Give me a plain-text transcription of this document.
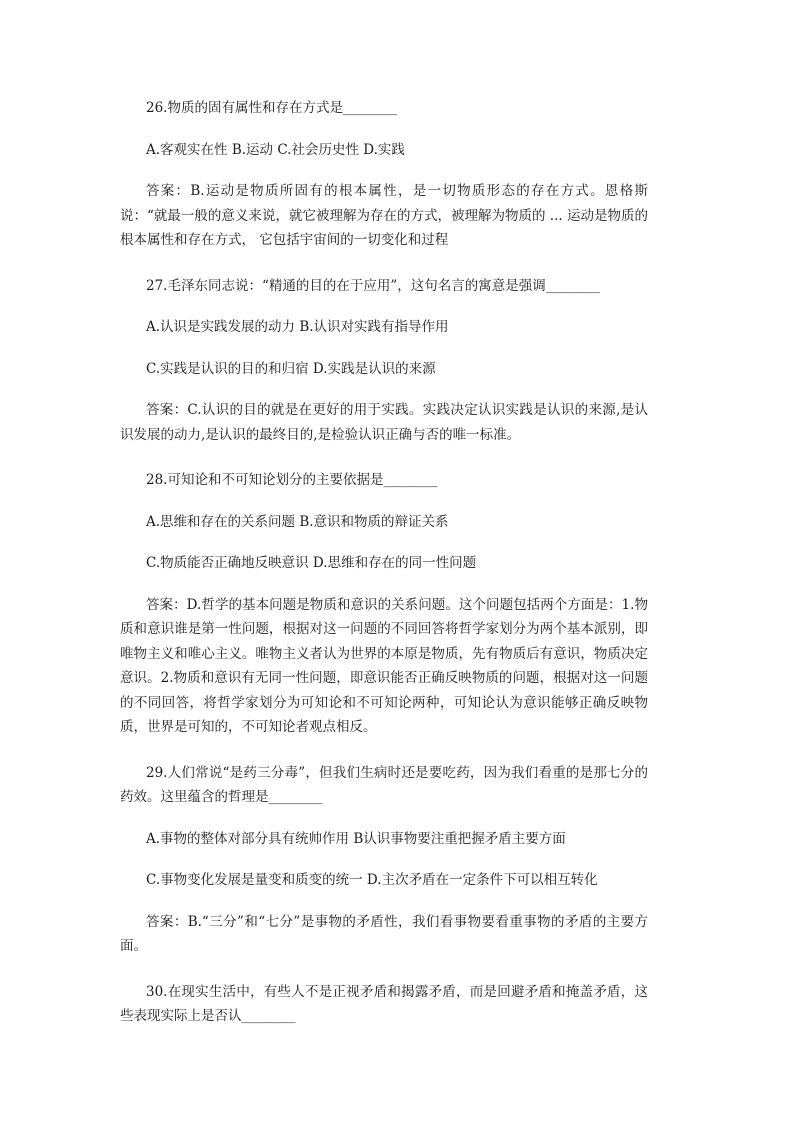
26.物质的固有属性和存在方式是________

A.客观实在性 B.运动 C.社会历史性 D.实践

答案：B.运动是物质所固有的根本属性，是一切物质形态的存在方式。恩格斯说：“就最一般的意义来说，就它被理解为存在的方式，被理解为物质的 ... 运动是物质的根本属性和存在方式， 它包括宇宙间的一切变化和过程

27.毛泽东同志说：“精通的目的在于应用”，这句名言的寓意是强调________

A.认识是实践发展的动力 B.认识对实践有指导作用

C.实践是认识的目的和归宿 D.实践是认识的来源

答案：C.认识的目的就是在更好的用于实践。实践决定认识实践是认识的来源,是认识发展的动力,是认识的最终目的,是检验认识正确与否的唯一标准。

28.可知论和不可知论划分的主要依据是________

A.思维和存在的关系问题 B.意识和物质的辩证关系

C.物质能否正确地反映意识 D.思维和存在的同一性问题

答案：D.哲学的基本问题是物质和意识的关系问题。这个问题包括两个方面是：1.物质和意识谁是第一性问题，根据对这一问题的不同回答将哲学家划分为两个基本派别，即唯物主义和唯心主义。唯物主义者认为世界的本原是物质，先有物质后有意识，物质决定意识。2.物质和意识有无同一性问题，即意识能否正确反映物质的问题，根据对这一问题的不同回答，将哲学家划分为可知论和不可知论两种，可知论认为意识能够正确反映物质，世界是可知的，不可知论者观点相反。

29.人们常说“是药三分毒”，但我们生病时还是要吃药，因为我们看重的是那七分的药效。这里蕴含的哲理是________

A.事物的整体对部分具有统帅作用 B认识事物要注重把握矛盾主要方面

C.事物变化发展是量变和质变的统一 D.主次矛盾在一定条件下可以相互转化

答案：B.“三分”和“七分”是事物的矛盾性，我们看事物要看重事物的矛盾的主要方面。

30.在现实生活中，有些人不是正视矛盾和揭露矛盾，而是回避矛盾和掩盖矛盾，这些表现实际上是否认________
